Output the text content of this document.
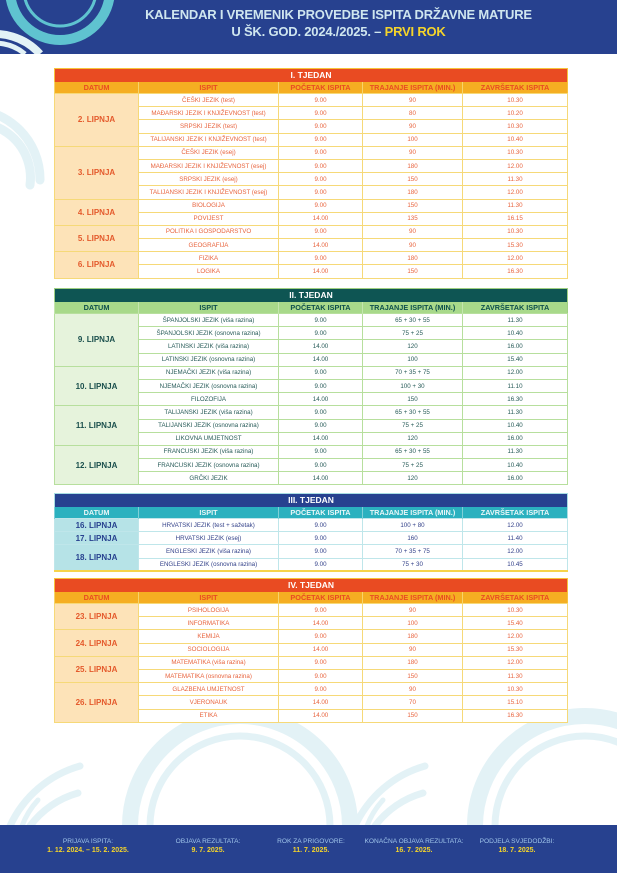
KALENDAR I VREMENIK PROVEDBE ISPITA DRŽAVNE MATURE
U ŠK. GOD. 2024./2025. – PRVI ROK
I. TJEDAN				
DATUM	ISPIT	POČETAK ISPITA	TRAJANJE ISPITA (MIN.)	ZAVRŠETAK ISPITA
2. LIPNJA	ČEŠKI JEZIK (test)	9.00	90	10.30
	MAĐARSKI JEZIK I KNJIŽEVNOST (test)	9.00	80	10.20
	SRPSKI JEZIK (test)	9.00	90	10.30
	TALIJANSKI JEZIK I KNJIŽEVNOST (test)	9.00	100	10.40
3. LIPNJA	ČEŠKI JEZIK (esej)	9.00	90	10.30
	MAĐARSKI JEZIK I KNJIŽEVNOST (esej)	9.00	180	12.00
	SRPSKI JEZIK (esej)	9.00	150	11.30
	TALIJANSKI JEZIK I KNJIŽEVNOST (esej)	9.00	180	12.00
4. LIPNJA	BIOLOGIJA	9.00	150	11.30
	POVIJEST	14.00	135	16.15
5. LIPNJA	POLITIKA I GOSPODARSTVO	9.00	90	10.30
	GEOGRAFIJA	14.00	90	15.30
6. LIPNJA	FIZIKA	9.00	180	12.00
	LOGIKA	14.00	150	16.30
II. TJEDAN				
DATUM	ISPIT	POČETAK ISPITA	TRAJANJE ISPITA (MIN.)	ZAVRŠETAK ISPITA
9. LIPNJA	ŠPANJOLSKI JEZIK (viša razina)	9.00	65 + 30 + 55	11.30
	ŠPANJOLSKI JEZIK (osnovna razina)	9.00	75 + 25	10.40
	LATINSKI JEZIK (viša razina)	14.00	120	16.00
	LATINSKI JEZIK (osnovna razina)	14.00	100	15.40
10. LIPNJA	NJEMAČKI JEZIK (viša razina)	9.00	70 + 35 + 75	12.00
	NJEMAČKI JEZIK (osnovna razina)	9.00	100 + 30	11.10
	FILOZOFIJA	14.00	150	16.30
11. LIPNJA	TALIJANSKI JEZIK (viša razina)	9.00	65 + 30 + 55	11.30
	TALIJANSKI JEZIK (osnovna razina)	9.00	75 + 25	10.40
	LIKOVNA UMJETNOST	14.00	120	16.00
12. LIPNJA	FRANCUSKI JEZIK (viša razina)	9.00	65 + 30 + 55	11.30
	FRANCUSKI JEZIK (osnovna razina)	9.00	75 + 25	10.40
	GRČKI JEZIK	14.00	120	16.00
III. TJEDAN				
DATUM	ISPIT	POČETAK ISPITA	TRAJANJE ISPITA (MIN.)	ZAVRŠETAK ISPITA
16. LIPNJA	HRVATSKI JEZIK (test + sažetak)	9.00	100 + 80	12.00
17. LIPNJA	HRVATSKI JEZIK (esej)	9.00	160	11.40
18. LIPNJA	ENGLESKI JEZIK (viša razina)	9.00	70 + 35 + 75	12.00
	ENGLESKI JEZIK (osnovna razina)	9.00	75 + 30	10.45
IV. TJEDAN				
DATUM	ISPIT	POČETAK ISPITA	TRAJANJE ISPITA (MIN.)	ZAVRŠETAK ISPITA
23. LIPNJA	PSIHOLOGIJA	9.00	90	10.30
	INFORMATIKA	14.00	100	15.40
24. LIPNJA	KEMIJA	9.00	180	12.00
	SOCIOLOGIJA	14.00	90	15.30
25. LIPNJA	MATEMATIKA (viša razina)	9.00	180	12.00
	MATEMATIKA (osnovna razina)	9.00	150	11.30
26. LIPNJA	GLAZBENA UMJETNOST	9.00	90	10.30
	VJERONAUK	14.00	70	15.10
	ETIKA	14.00	150	16.30
PRIJAVA ISPITA:
1. 12. 2024. – 15. 2. 2025.
OBJAVA REZULTATA:
9. 7. 2025.
ROK ZA PRIGOVORE:
11. 7. 2025.
KONAČNA OBJAVA REZULTATA:
16. 7. 2025.
PODJELA SVJEDODŽBI:
18. 7. 2025.
